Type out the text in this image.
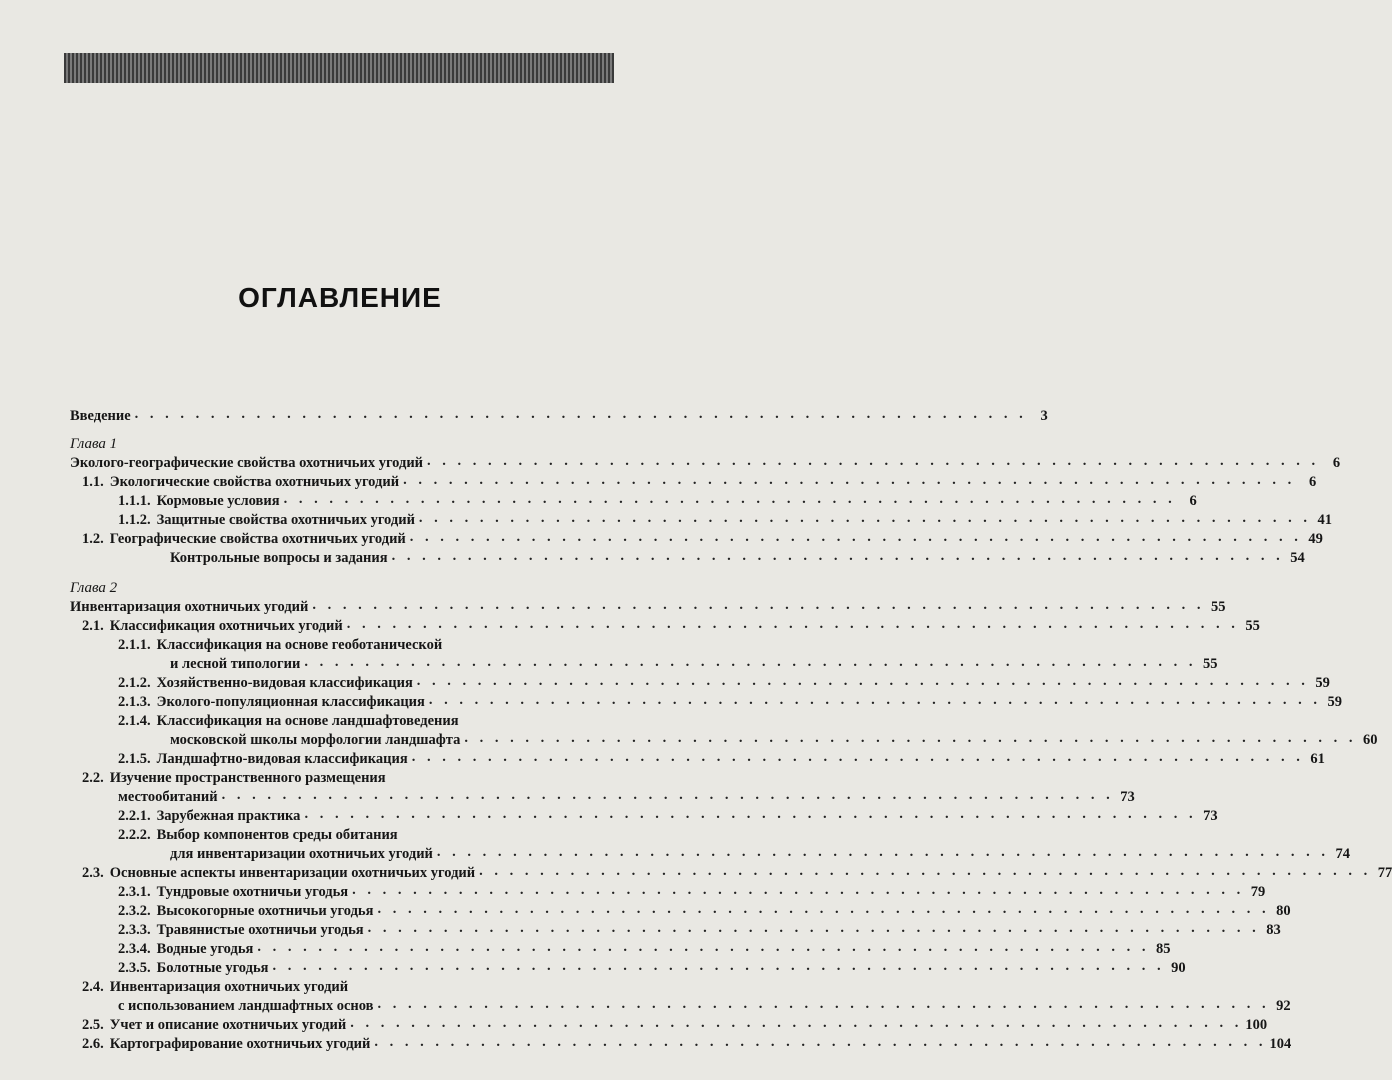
ОГЛАВЛЕНИЕ
Введение . . . . . . . . . . . . . . . . . . . . . . . . . . . . . . . . . . . . . . . . . . . . . . . . . . . . . . . . . . . 3
Глава 1
Эколого-географические свойства охотничьих угодий . . . . . . . . . . . . . . . . . . . . . . . . . . . . . . . . . . . . . . . . . . . . . . . . . . . . . . . . . . . 6
1.1. Экологические свойства охотничьих угодий . . . . . . . . . . . . . . . . . . . . . . . . . . . . . . . . . . . . . . . . . . . . . . . . . . . . . . . . . . . 6
1.1.1. Кормовые условия . . . . . . . . . . . . . . . . . . . . . . . . . . . . . . . . . . . . . . . . . . . . . . . . . . . . . . . . . . . 6
1.1.2. Защитные свойства охотничьих угодий . . . . . . . . . . . . . . . . . . . . . . . . . . . . . . . . . . . . . . . . . . . . . . . . . . . . . . . . . . . 41
1.2. Географические свойства охотничьих угодий . . . . . . . . . . . . . . . . . . . . . . . . . . . . . . . . . . . . . . . . . . . . . . . . . . . . . . . . . . . 49
Контрольные вопросы и задания . . . . . . . . . . . . . . . . . . . . . . . . . . . . . . . . . . . . . . . . . . . . . . . . . . . . . . . . . . . 54
Глава 2
Инвентаризация охотничьих угодий . . . . . . . . . . . . . . . . . . . . . . . . . . . . . . . . . . . . . . . . . . . . . . . . . . . . . . . . . . . 55
2.1. Классификация охотничьих угодий . . . . . . . . . . . . . . . . . . . . . . . . . . . . . . . . . . . . . . . . . . . . . . . . . . . . . . . . . . . 55
2.1.1. Классификация на основе геоботанической
и лесной типологии . . . . . . . . . . . . . . . . . . . . . . . . . . . . . . . . . . . . . . . . . . . . . . . . . . . . . . . . . . . 55
2.1.2. Хозяйственно-видовая классификация . . . . . . . . . . . . . . . . . . . . . . . . . . . . . . . . . . . . . . . . . . . . . . . . . . . . . . . . . . . 59
2.1.3. Эколого-популяционная классификация . . . . . . . . . . . . . . . . . . . . . . . . . . . . . . . . . . . . . . . . . . . . . . . . . . . . . . . . . . . 59
2.1.4. Классификация на основе ландшафтоведения
московской школы морфологии ландшафта . . . . . . . . . . . . . . . . . . . . . . . . . . . . . . . . . . . . . . . . . . . . . . . . . . . . . . . . . . . 60
2.1.5. Ландшафтно-видовая классификация . . . . . . . . . . . . . . . . . . . . . . . . . . . . . . . . . . . . . . . . . . . . . . . . . . . . . . . . . . . 61
2.2. Изучение пространственного размещения
местообитаний . . . . . . . . . . . . . . . . . . . . . . . . . . . . . . . . . . . . . . . . . . . . . . . . . . . . . . . . . . . 73
2.2.1. Зарубежная практика . . . . . . . . . . . . . . . . . . . . . . . . . . . . . . . . . . . . . . . . . . . . . . . . . . . . . . . . . . . 73
2.2.2. Выбор компонентов среды обитания
для инвентаризации охотничьих угодий . . . . . . . . . . . . . . . . . . . . . . . . . . . . . . . . . . . . . . . . . . . . . . . . . . . . . . . . . . . 74
2.3. Основные аспекты инвентаризации охотничьих угодий . . . . . . . . . . . . . . . . . . . . . . . . . . . . . . . . . . . . . . . . . . . . . . . . . . . . . . . . . . . 77
2.3.1. Тундровые охотничьи угодья . . . . . . . . . . . . . . . . . . . . . . . . . . . . . . . . . . . . . . . . . . . . . . . . . . . . . . . . . . . 79
2.3.2. Высокогорные охотничьи угодья . . . . . . . . . . . . . . . . . . . . . . . . . . . . . . . . . . . . . . . . . . . . . . . . . . . . . . . . . . . 80
2.3.3. Травянистые охотничьи угодья . . . . . . . . . . . . . . . . . . . . . . . . . . . . . . . . . . . . . . . . . . . . . . . . . . . . . . . . . . . 83
2.3.4. Водные угодья . . . . . . . . . . . . . . . . . . . . . . . . . . . . . . . . . . . . . . . . . . . . . . . . . . . . . . . . . . . 85
2.3.5. Болотные угодья . . . . . . . . . . . . . . . . . . . . . . . . . . . . . . . . . . . . . . . . . . . . . . . . . . . . . . . . . . . 90
2.4. Инвентаризация охотничьих угодий
с использованием ландшафтных основ . . . . . . . . . . . . . . . . . . . . . . . . . . . . . . . . . . . . . . . . . . . . . . . . . . . . . . . . . . . 92
2.5. Учет и описание охотничьих угодий . . . . . . . . . . . . . . . . . . . . . . . . . . . . . . . . . . . . . . . . . . . . . . . . . . . . . . . . . . . 100
2.6. Картографирование охотничьих угодий . . . . . . . . . . . . . . . . . . . . . . . . . . . . . . . . . . . . . . . . . . . . . . . . . . . . . . . . . . . 104
